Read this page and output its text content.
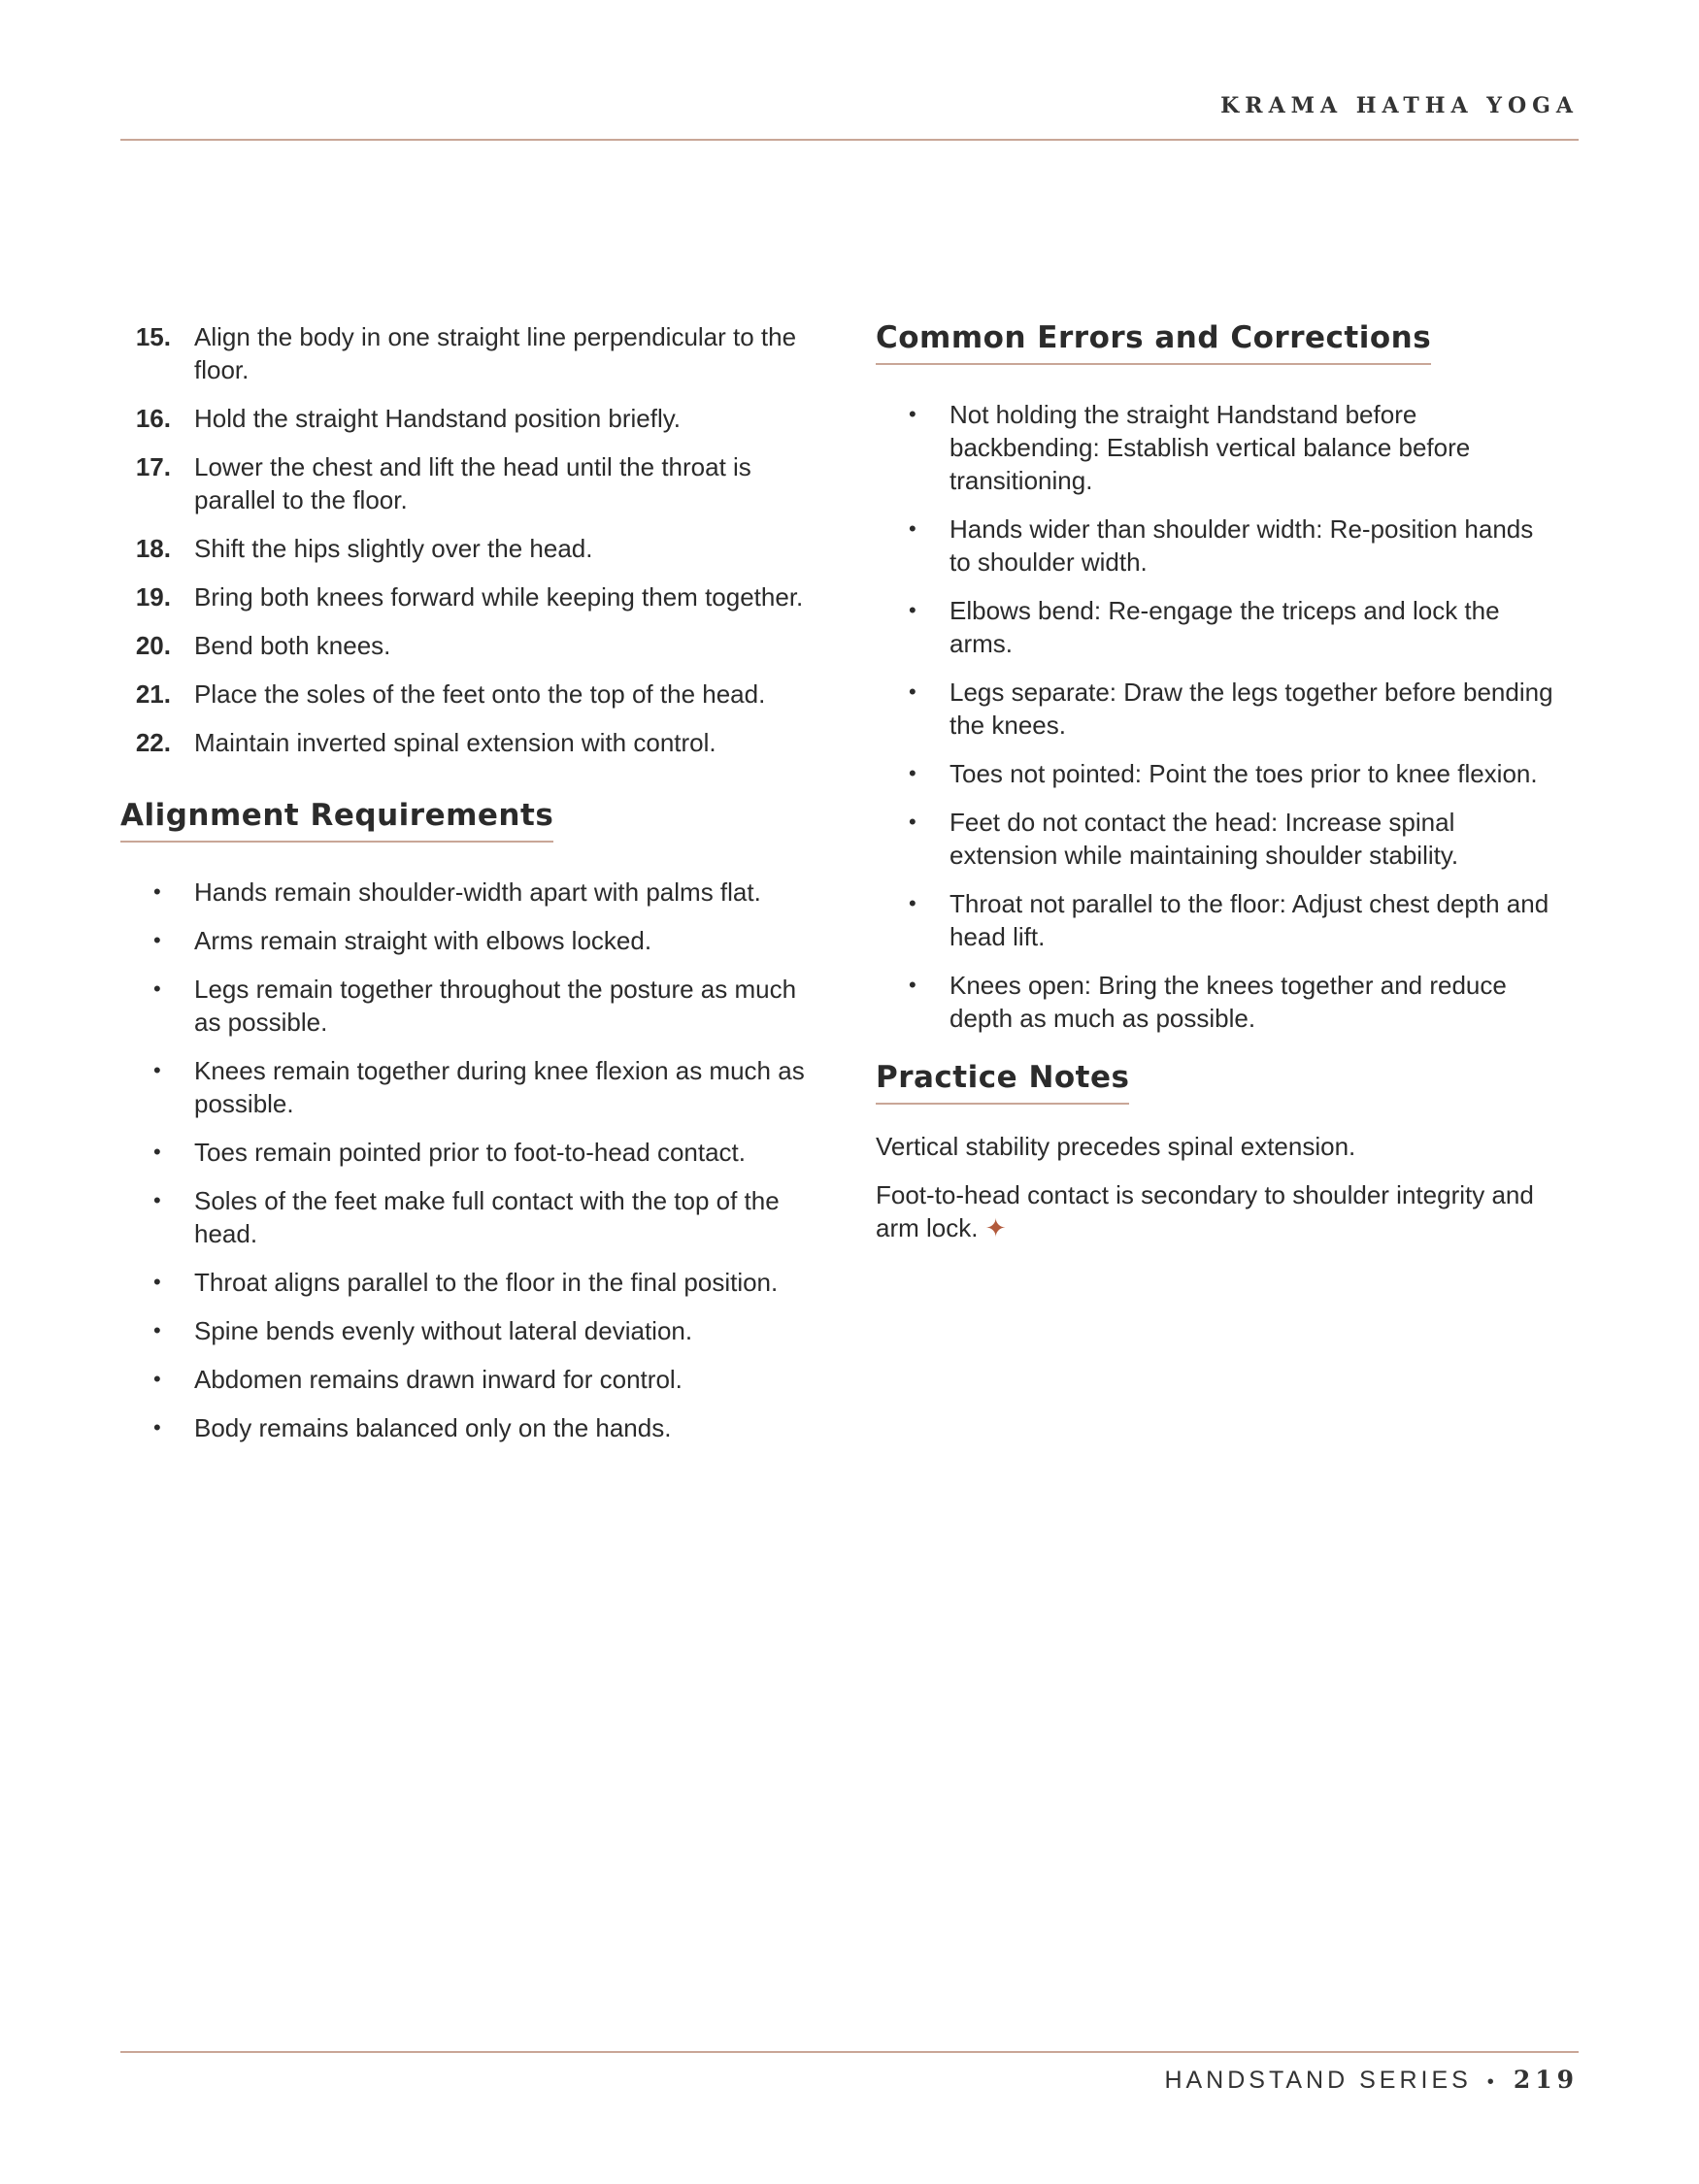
KRAMA HATHA YOGA
15. Align the body in one straight line perpendicular to the floor.
16. Hold the straight Handstand position briefly.
17. Lower the chest and lift the head until the throat is parallel to the floor.
18. Shift the hips slightly over the head.
19. Bring both knees forward while keeping them together.
20. Bend both knees.
21. Place the soles of the feet onto the top of the head.
22. Maintain inverted spinal extension with control.
Alignment Requirements
• Hands remain shoulder-width apart with palms flat.
• Arms remain straight with elbows locked.
• Legs remain together throughout the posture as much as possible.
• Knees remain together during knee flexion as much as possible.
• Toes remain pointed prior to foot-to-head contact.
• Soles of the feet make full contact with the top of the head.
• Throat aligns parallel to the floor in the final position.
• Spine bends evenly without lateral deviation.
• Abdomen remains drawn inward for control.
• Body remains balanced only on the hands.
Common Errors and Corrections
• Not holding the straight Handstand before backbending: Establish vertical balance before transitioning.
• Hands wider than shoulder width: Re-position hands to shoulder width.
• Elbows bend: Re-engage the triceps and lock the arms.
• Legs separate: Draw the legs together before bending the knees.
• Toes not pointed: Point the toes prior to knee flexion.
• Feet do not contact the head: Increase spinal extension while maintaining shoulder stability.
• Throat not parallel to the floor: Adjust chest depth and head lift.
• Knees open: Bring the knees together and reduce depth as much as possible.
Practice Notes

Vertical stability precedes spinal extension.

Foot-to-head contact is secondary to shoulder integrity and arm lock. ✦

HANDSTAND SERIES • 219
